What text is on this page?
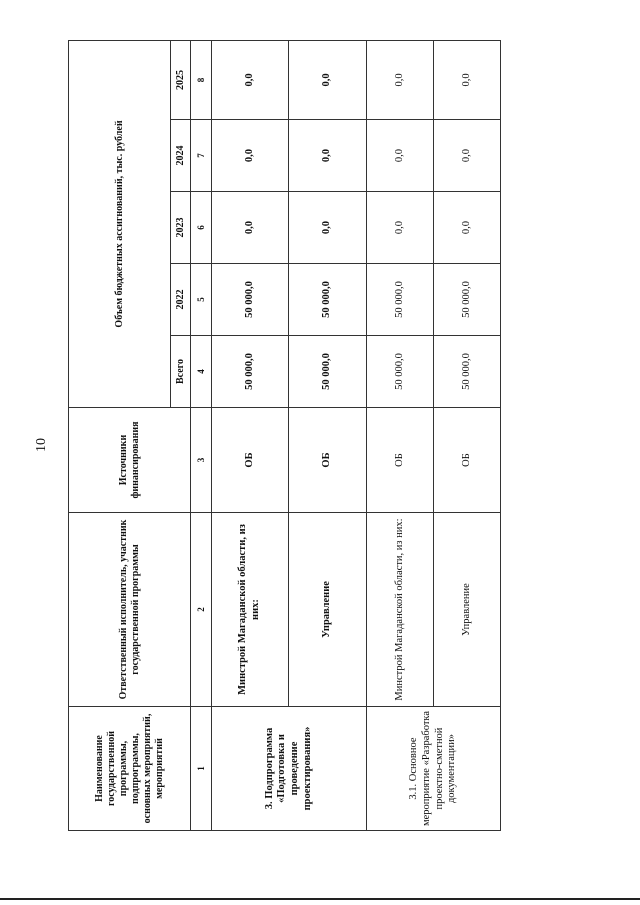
10
Наименование государственной программы, подпрограммы, основных мероприятий, мероприятий	Ответственный исполнитель, участник государственной программы	Источники финансирования	Объем бюджетных ассигнований, тыс. рублей				
			Всего	2022	2023	2024	2025
1	2	3	4	5	6	7	8
3. Подпрограмма «Подготовка и проведение проектирования»	Минстрой Магаданской области, из них:	ОБ	50 000,0	50 000,0	0,0	0,0	0,0
	Управление	ОБ	50 000,0	50 000,0	0,0	0,0	0,0
3.1. Основное мероприятие «Разработка проектно-сметной документации»	Минстрой Магаданской области, из них:	ОБ	50 000,0	50 000,0	0,0	0,0	0,0
	Управление	ОБ	50 000,0	50 000,0	0,0	0,0	0,0
